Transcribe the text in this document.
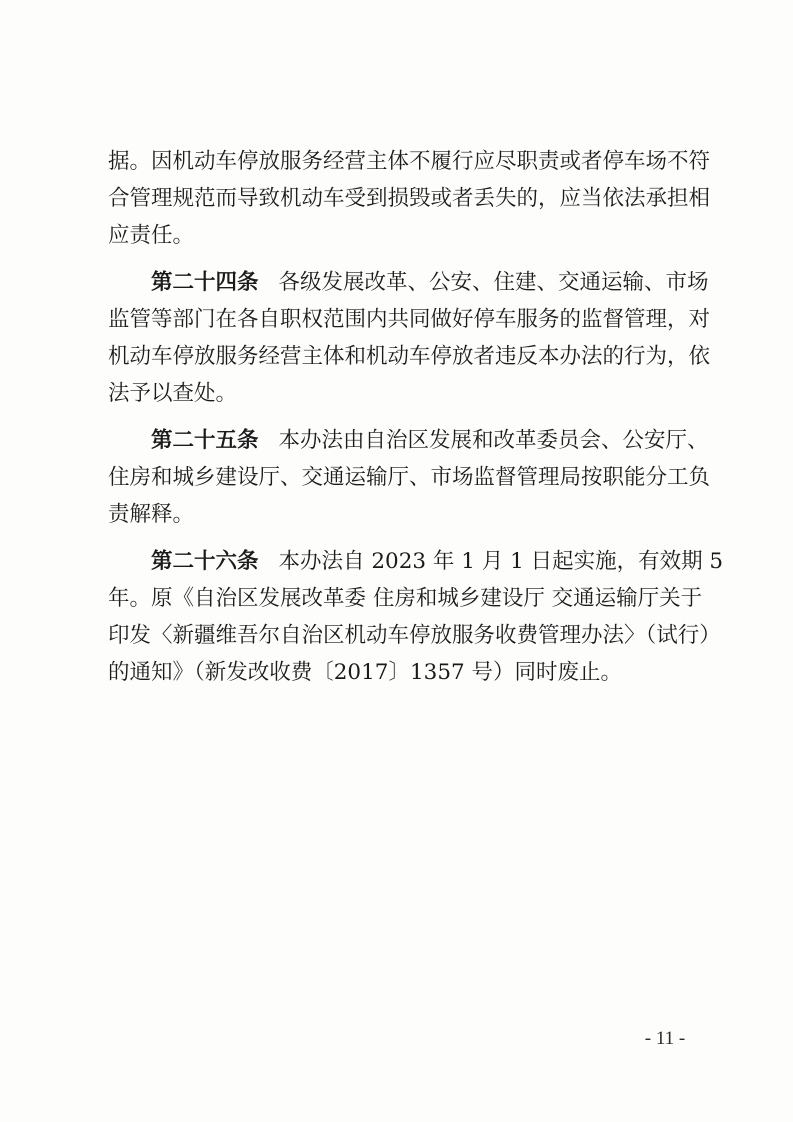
据。因机动车停放服务经营主体不履行应尽职责或者停车场不符
合管理规范而导致机动车受到损毁或者丢失的，应当依法承担相
应责任。
第二十四条 各级发展改革、公安、住建、交通运输、市场
监管等部门在各自职权范围内共同做好停车服务的监督管理，对
机动车停放服务经营主体和机动车停放者违反本办法的行为，依
法予以查处。
第二十五条 本办法由自治区发展和改革委员会、公安厅、
住房和城乡建设厅、交通运输厅、市场监督管理局按职能分工负
责解释。
第二十六条 本办法自 2023 年 1 月 1 日起实施，有效期 5
年。原《自治区发展改革委 住房和城乡建设厅 交通运输厅关于
印发〈新疆维吾尔自治区机动车停放服务收费管理办法〉（试行）
的通知》（新发改收费〔2017〕1357 号）同时废止。
- 11 -
